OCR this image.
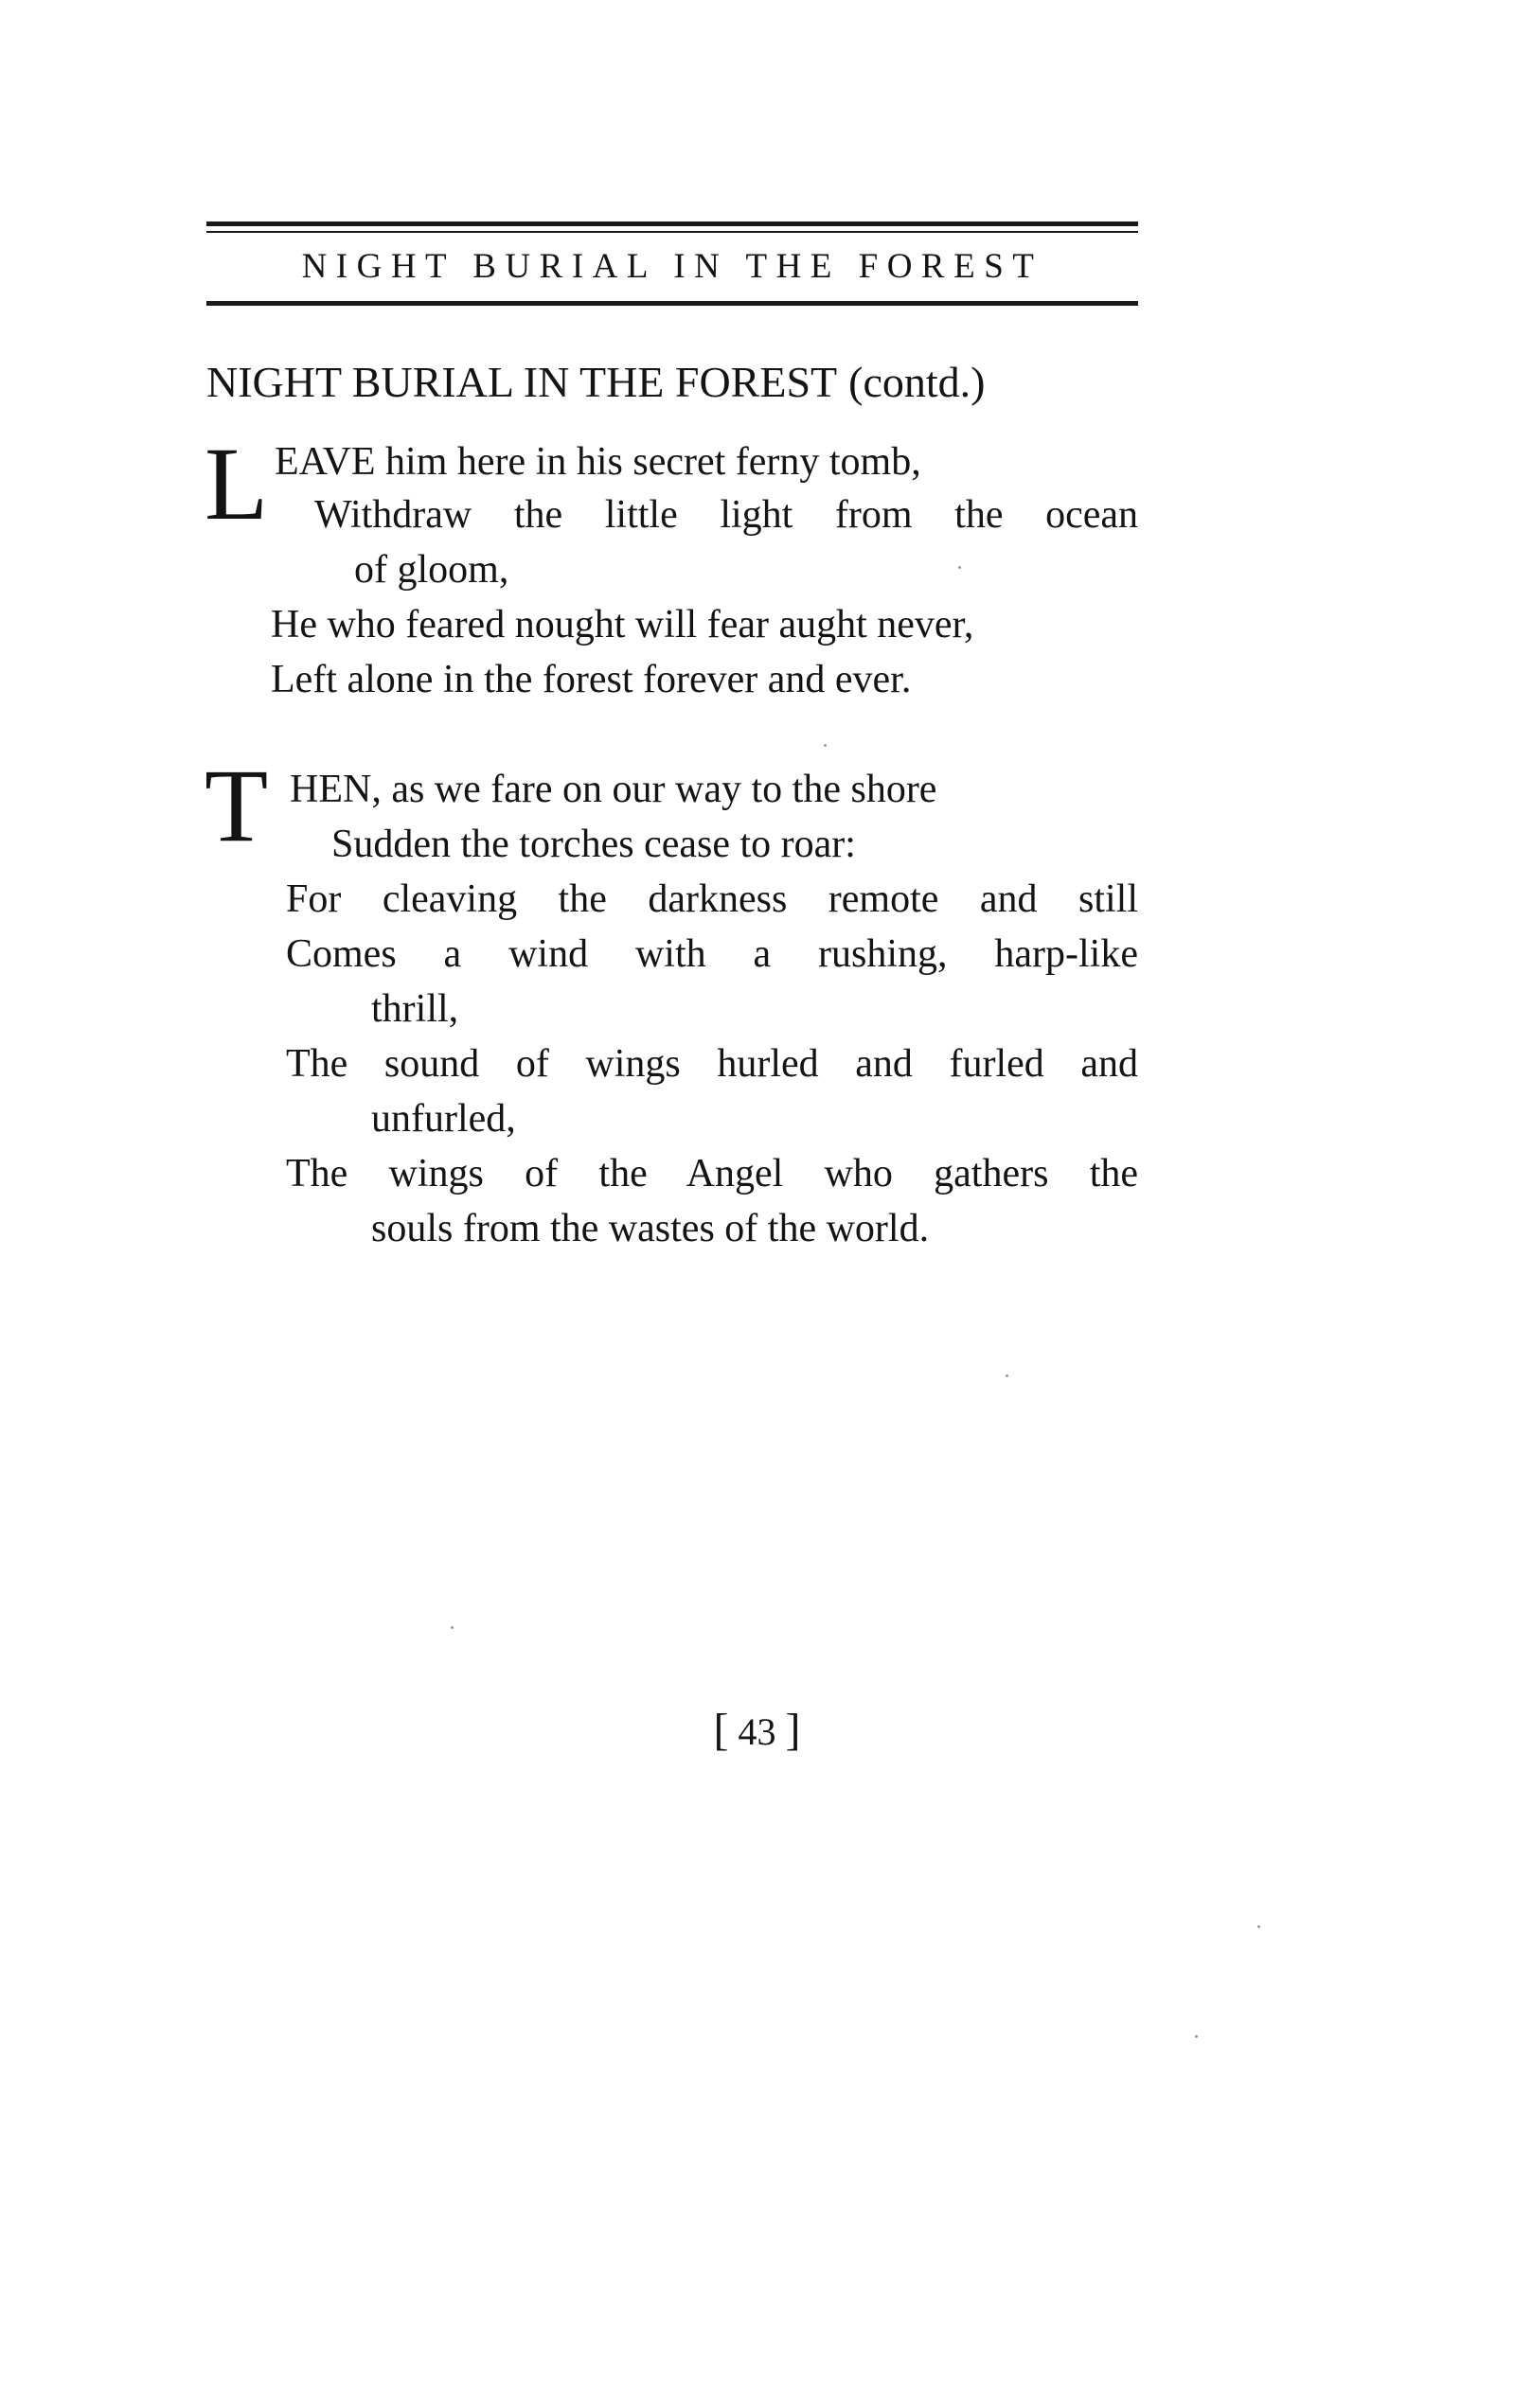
NIGHT BURIAL IN THE FOREST
NIGHT BURIAL IN THE FOREST (contd.)
L EAVE him here in his secret ferny tomb,
Withdraw the little light from the ocean
of gloom,
He who feared nought will fear aught never,
Left alone in the forest forever and ever.
T HEN, as we fare on our way to the shore
Sudden the torches cease to roar:
For cleaving the darkness remote and still
Comes a wind with a rushing, harp-like
thrill,
The sound of wings hurled and furled and
unfurled,
The wings of the Angel who gathers the
souls from the wastes of the world.
[ 43 ]
